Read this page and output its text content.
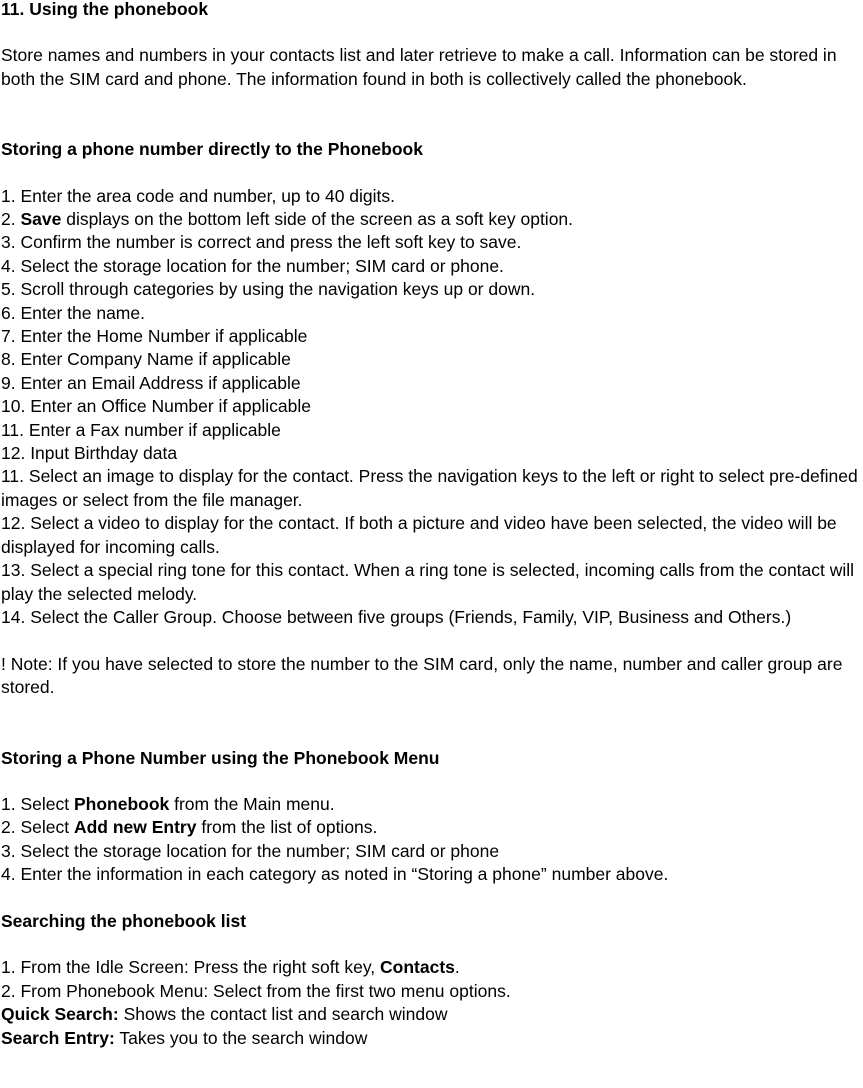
11. Using the phonebook

Store names and numbers in your contacts list and later retrieve to make a call. Information can be stored in both the SIM card and phone. The information found in both is collectively called the phonebook.

Storing a phone number directly to the Phonebook

1. Enter the area code and number, up to 40 digits.

2. Save displays on the bottom left side of the screen as a soft key option.

3. Confirm the number is correct and press the left soft key to save.

4. Select the storage location for the number; SIM card or phone.

5. Scroll through categories by using the navigation keys up or down.

6. Enter the name.

7. Enter the Home Number if applicable

8. Enter Company Name if applicable

9. Enter an Email Address if applicable

10. Enter an Office Number if applicable

11. Enter a Fax number if applicable

12. Input Birthday data

11. Select an image to display for the contact. Press the navigation keys to the left or right to select pre-defined images or select from the file manager.

12. Select a video to display for the contact. If both a picture and video have been selected, the video will be displayed for incoming calls.

13. Select a special ring tone for this contact. When a ring tone is selected, incoming calls from the contact will play the selected melody.

14. Select the Caller Group. Choose between five groups (Friends, Family, VIP, Business and Others.)

! Note: If you have selected to store the number to the SIM card, only the name, number and caller group are stored.

Storing a Phone Number using the Phonebook Menu

1. Select Phonebook from the Main menu.

2. Select Add new Entry from the list of options.

3. Select the storage location for the number; SIM card or phone

4. Enter the information in each category as noted in “Storing a phone” number above.

Searching the phonebook list

1. From the Idle Screen: Press the right soft key, Contacts.

2. From Phonebook Menu: Select from the first two menu options.

Quick Search: Shows the contact list and search window

Search Entry: Takes you to the search window
